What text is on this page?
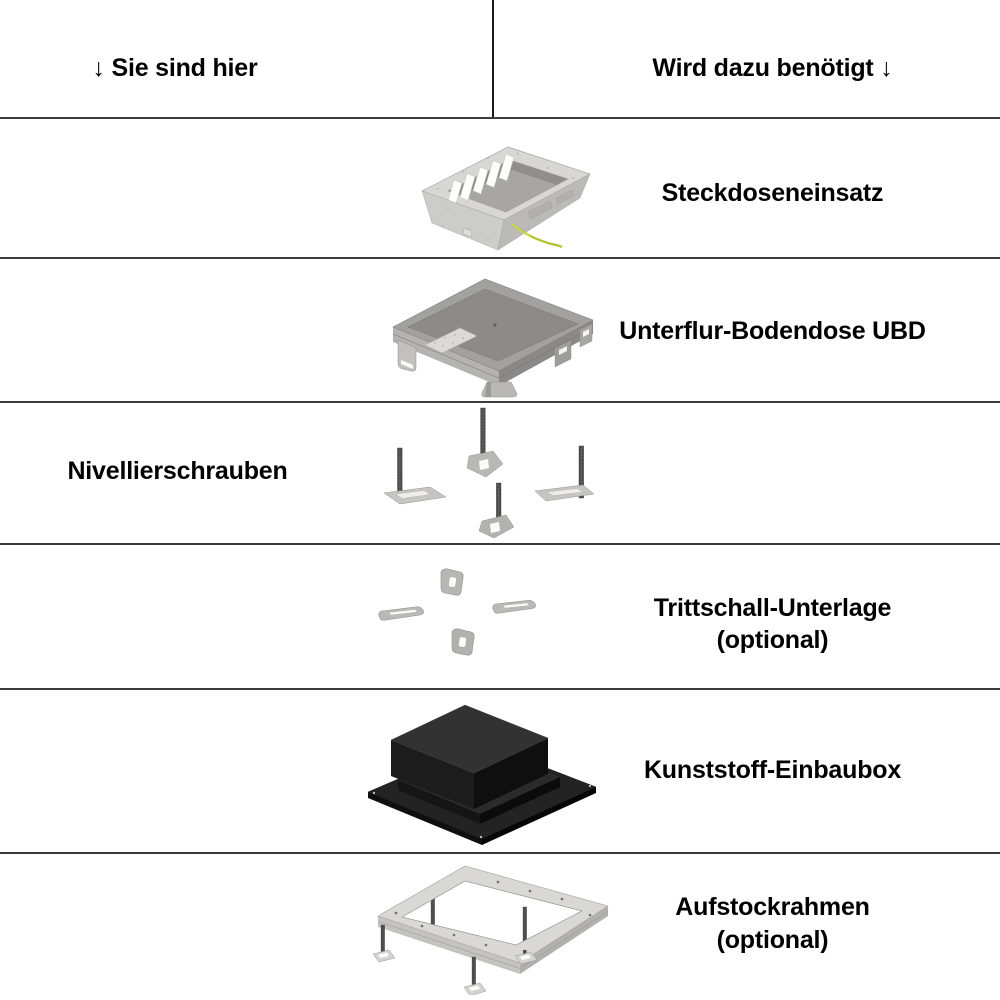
↓ Sie sind hier	Wird dazu benötigt ↓
Steckdoseneinsatz
Unterflur-Bodendose UBD
Nivellierschrauben
Trittschall-Unterlage
(optional)
Kunststoff-Einbaubox
Aufstockrahmen
(optional)
